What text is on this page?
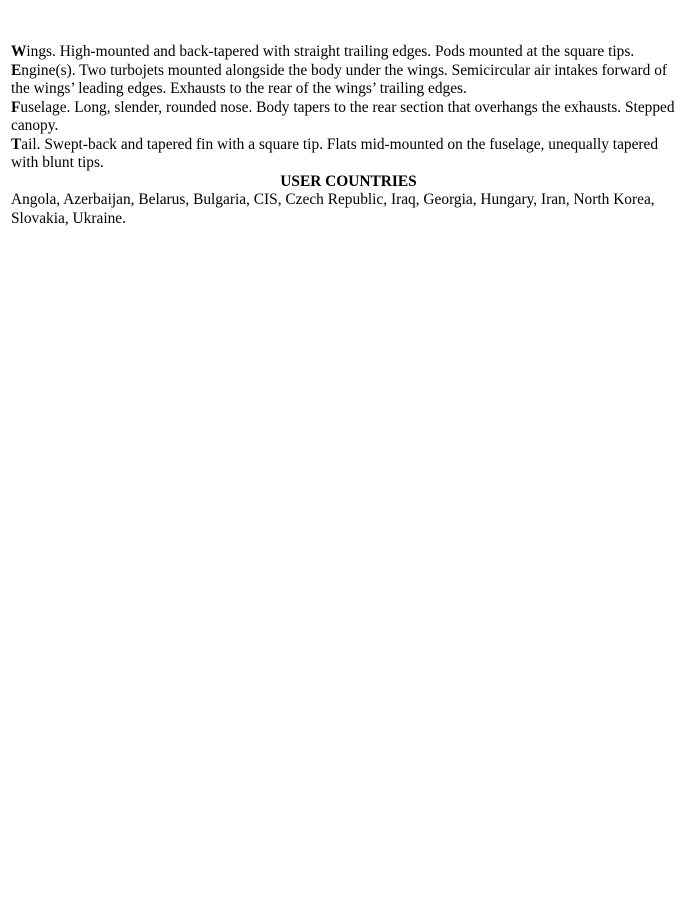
Wings. High-mounted and back-tapered with straight trailing edges. Pods mounted at the square tips.

Engine(s). Two turbojets mounted alongside the body under the wings. Semicircular air intakes forward of the wings’ leading edges. Exhausts to the rear of the wings’ trailing edges.

Fuselage. Long, slender, rounded nose. Body tapers to the rear section that overhangs the exhausts. Stepped canopy.

Tail. Swept-back and tapered fin with a square tip. Flats mid-mounted on the fuselage, unequally tapered with blunt tips.

USER COUNTRIES

Angola, Azerbaijan, Belarus, Bulgaria, CIS, Czech Republic, Iraq, Georgia, Hungary, Iran, North Korea, Slovakia, Ukraine.
